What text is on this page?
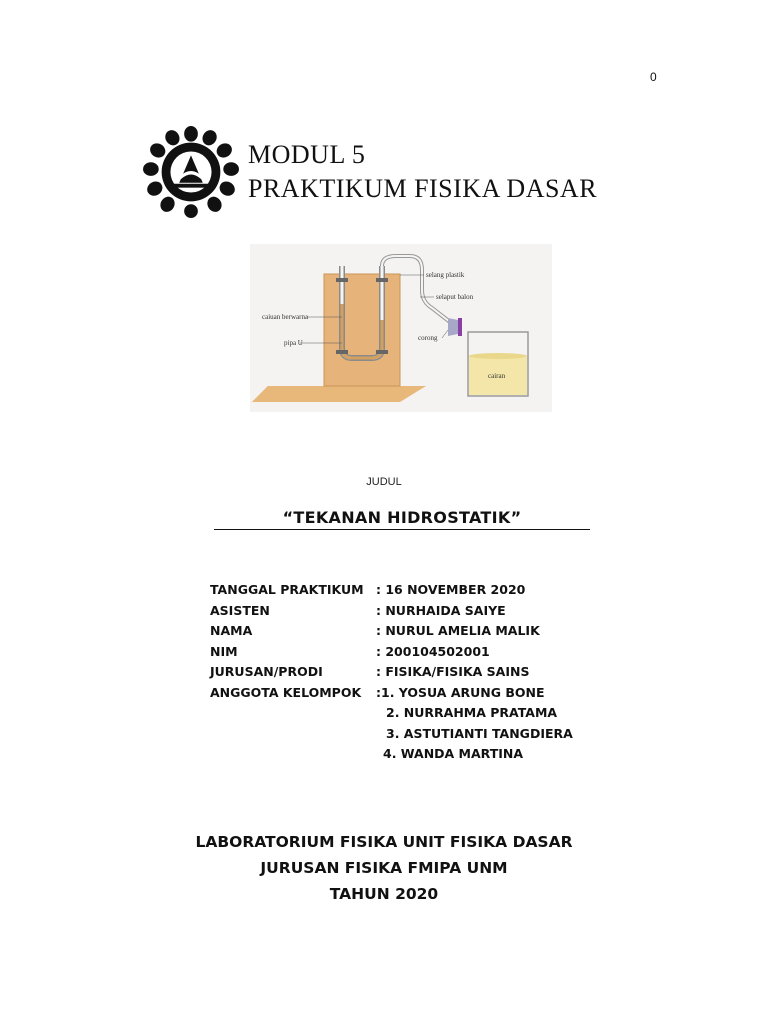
0
MODUL 5
PRAKTIKUM FISIKA DASAR
selang plastik
selaput balon
caiuan berwarna
pipa U
corong
cairan
JUDUL
“TEKANAN HIDROSTATIK”
TANGGAL PRAKTIKUM : 16 NOVEMBER 2020
ASISTEN	: NURHAIDA SAIYE
NAMA	: NURUL AMELIA MALIK
NIM	: 200104502001
JURUSAN/PRODI	: FISIKA/FISIKA SAINS
ANGGOTA KELOMPOK	:1. YOSUA ARUNG BONE
2. NURRAHMA PRATAMA
3. ASTUTIANTI TANGDIERA
4. WANDA MARTINA
LABORATORIUM FISIKA UNIT FISIKA DASAR
JURUSAN FISIKA FMIPA UNM
TAHUN 2020
